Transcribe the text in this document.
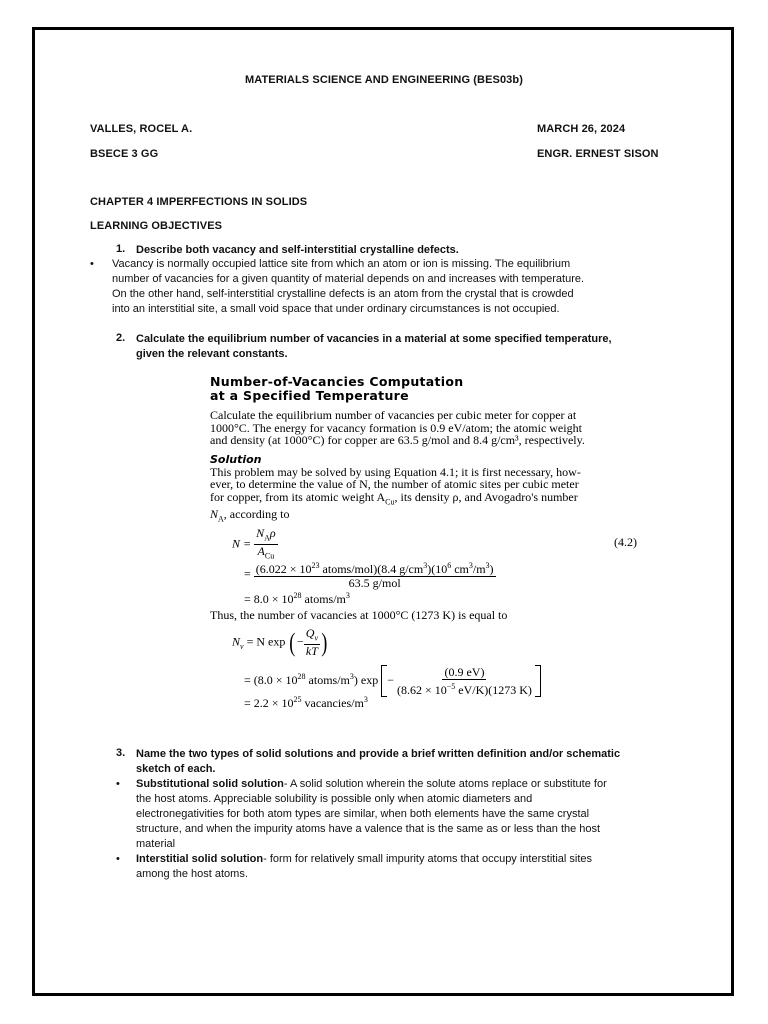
MATERIALS SCIENCE AND ENGINEERING (BES03b)
VALLES, ROCEL A.	MARCH 26, 2024
BSECE 3 GG	ENGR. ERNEST SISON
CHAPTER 4 IMPERFECTIONS IN SOLIDS
LEARNING OBJECTIVES
1. Describe both vacancy and self-interstitial crystalline defects.
•	Vacancy is normally occupied lattice site from which an atom or ion is missing. The equilibrium
number of vacancies for a given quantity of material depends on and increases with temperature.
On the other hand, self-interstitial crystalline defects is an atom from the crystal that is crowded
into an interstitial site, a small void space that under ordinary circumstances is not occupied.
2. Calculate the equilibrium number of vacancies in a material at some specified temperature,
given the relevant constants.
Number-of-Vacancies Computation
at a Specified Temperature
Calculate the equilibrium number of vacancies per cubic meter for copper at
1000°C. The energy for vacancy formation is 0.9 eV/atom; the atomic weight
and density (at 1000°C) for copper are 63.5 g/mol and 8.4 g/cm³, respectively.
Solution
This problem may be solved by using Equation 4.1; it is first necessary, how-
ever, to determine the value of N, the number of atomic sites per cubic meter
for copper, from its atomic weight $A_{Cu}$, its density ρ, and Avogadro's number
$N_A$, according to
$N = \frac{N_A\rho}{A_{Cu}}$	(4.2)
= $\frac{(6.022 \times 10^{23} atoms/mol)(8.4 g/cm^3)(10^6 cm^3/m^3)}{\text{63.5 g/mol}}$
= $8.0 \times 10^{28}$ atoms/$m^3$
Thus, the number of vacancies at 1000°C (1273 K) is equal to
$N_v = N$ exp (− $\frac{Q_v}{kT}$ )
= ($8.0 \times 10^{28}$ atoms/$m^3$) $\exp - \frac{(0.9 eV)}{(8.62 \times 10^{-5} eV/K)(1273 K)}$

= $2.2 \times 10^{25}$ vacancies/$m^3$
3. Name the two types of solid solutions and provide a brief written definition and/or schematic
sketch of each.
•	Substitutional solid solution- A solid solution wherein the solute atoms replace or substitute for
the host atoms. Appreciable solubility is possible only when atomic diameters and
electronegativities for both atom types are similar, when both elements have the same crystal
structure, and when the impurity atoms have a valence that is the same as or less than the host
material
•	Interstitial solid solution- form for relatively small impurity atoms that occupy interstitial sites
among the host atoms.
